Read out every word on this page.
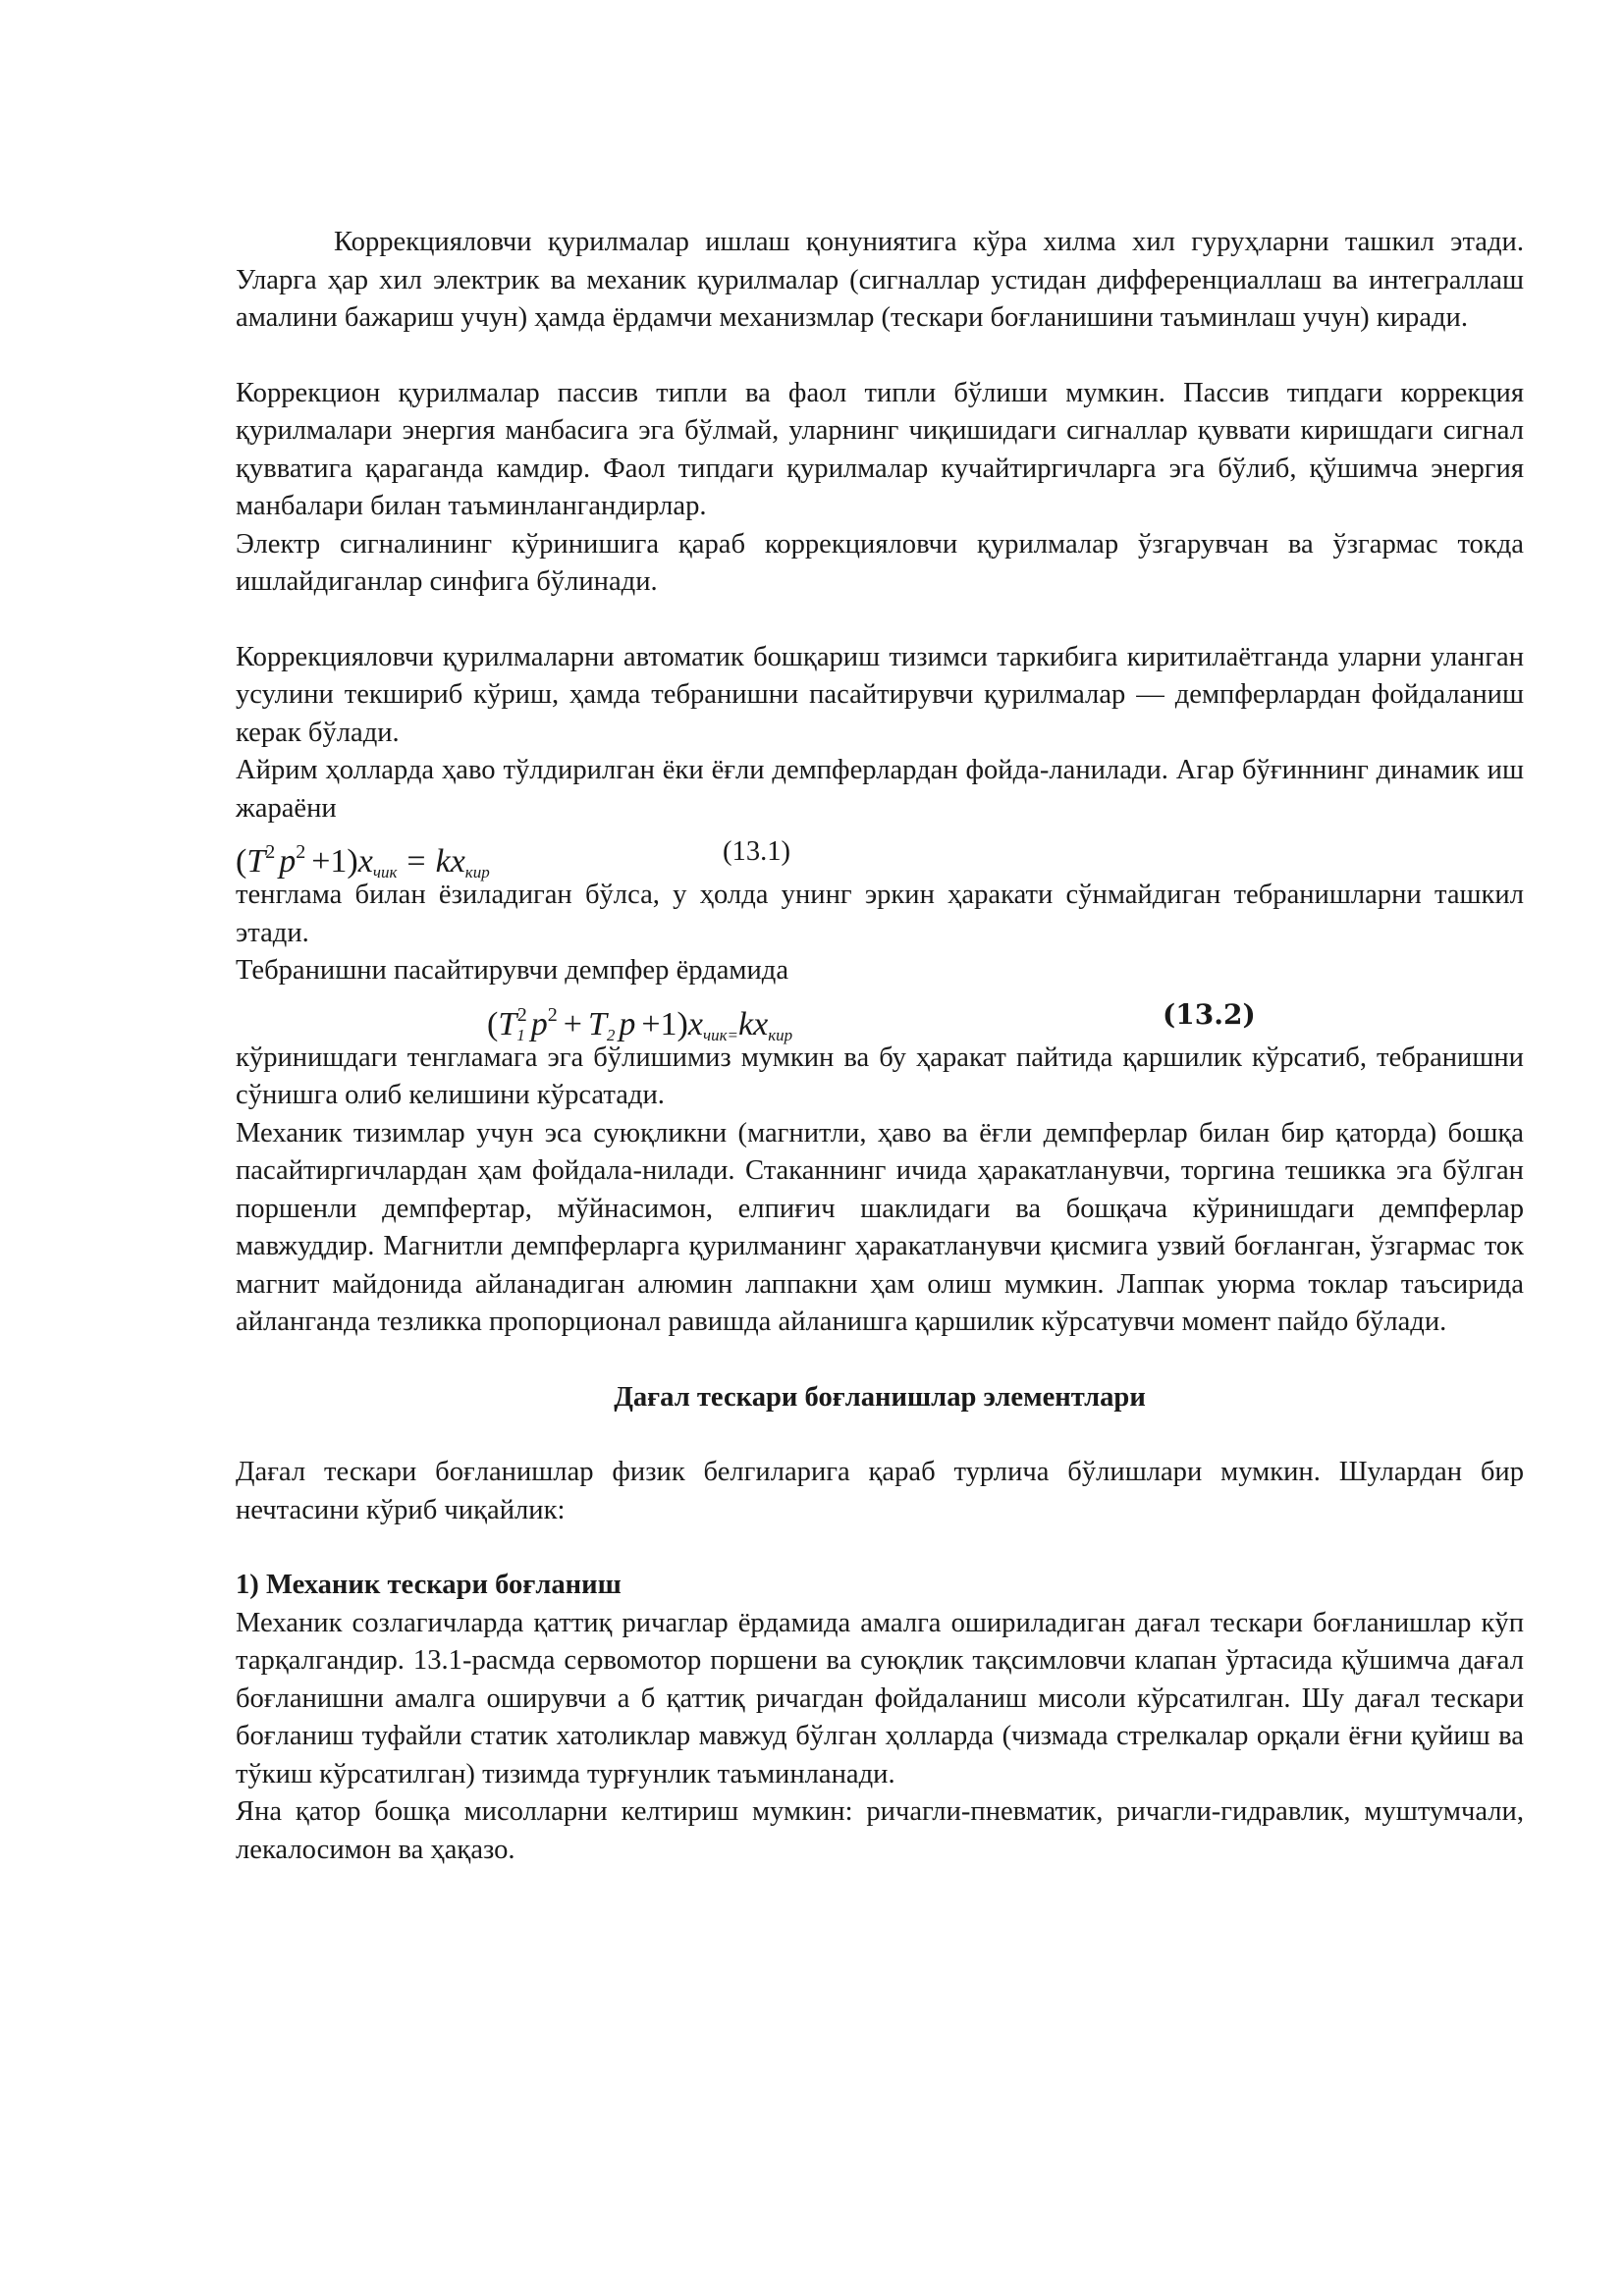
Коррекцияловчи қурилмалар ишлаш қонуниятига кўра хилма хил гуруҳларни ташкил этади. Уларга ҳар хил электрик ва механик қурилмалар (сигналлар устидан дифференциаллаш ва интеграллаш амалини бажариш учун) ҳамда ёрдамчи механизмлар (тескари боғланишини таъминлаш учун) киради.

Коррекцион қурилмалар пассив типли ва фаол типли бўлиши мумкин. Пассив типдаги коррекция қурилмалари энергия манбасига эга бўлмай, уларнинг чиқишидаги сигналлар қуввати киришдаги сигнал қувватига қараганда камдир. Фаол типдаги қурилмалар кучайтиргичларга эга бўлиб, қўшимча энергия манбалари билан таъминлангандирлар.

Электр сигналининг кўринишига қараб коррекцияловчи қурилмалар ўзгарувчан ва ўзгармас токда ишлайдиганлар синфига бўлинади.

Коррекцияловчи қурилмаларни автоматик бошқариш тизимси таркибига киритилаётганда уларни уланган усулини текшириб кўриш, ҳамда тебранишни пасайтирувчи қурилмалар — демпферлардан фойдаланиш керак бўлади.

Айрим ҳолларда ҳаво тўлдирилган ёки ёғли демпферлардан фойда-ланилади. Агар бўғиннинг динамик иш жараёни

($T^2$ $p^2 +1)x_{чик} = kx_{кир}$
(13.1)

тенглама билан ёзиладиган бўлса, у ҳолда унинг эркин ҳаракати сўнмайдиган тебранишларни ташкил этади.

Тебранишни пасайтирувчи демпфер ёрдамида

($T_1^2$ $p^2 + T_2$ $p +1)x_{чик=}kx_{кир}$
(13.2)

кўринишдаги тенгламага эга бўлишимиз мумкин ва бу ҳаракат пайтида қаршилик кўрсатиб, тебранишни сўнишга олиб келишини кўрсатади.

Механик тизимлар учун эса суюқликни (магнитли, ҳаво ва ёғли демпферлар билан бир қаторда) бошқа пасайтиргичлардан ҳам фойдала-нилади. Стаканнинг ичида ҳаракатланувчи, торгина тешикка эга бўлган поршенли демпфертар, мўйнасимон, елпиғич шаклидаги ва бошқача кўринишдаги демпферлар мавжуддир. Магнитли демпферларга қурилманинг ҳаракатланувчи қисмига узвий боғланган, ўзгармас ток магнит майдонида айланадиган алюмин лаппакни ҳам олиш мумкин. Лаппак уюрма токлар таъсирида айланганда тезликка пропорционал равишда айланишга қаршилик кўрсатувчи момент пайдо бўлади.

Дағал тескари боғланишлар элементлари

Дағал тескари боғланишлар физик белгиларига қараб турлича бўлишлари мумкин. Шулардан бир нечтасини кўриб чиқайлик:

1) Механик тескари боғланиш

Механик созлагичларда қаттиқ ричаглар ёрдамида амалга ошириладиган дағал тескари боғланишлар кўп тарқалгандир. 13.1-расмда сервомотор поршени ва суюқлик тақсимловчи клапан ўртасида қўшимча дағал боғланишни амалга оширувчи а б қаттиқ ричагдан фойдаланиш мисоли кўрсатилган. Шу дағал тескари боғланиш туфайли статик хатоликлар мавжуд бўлган ҳолларда (чизмада стрелкалар орқали ёғни қуйиш ва тўкиш кўрсатилган) тизимда турғунлик таъминланади.

Яна қатор бошқа мисолларни келтириш мумкин: ричагли-пневматик, ричагли-гидравлик, муштумчали, лекалосимон ва ҳақазо.
